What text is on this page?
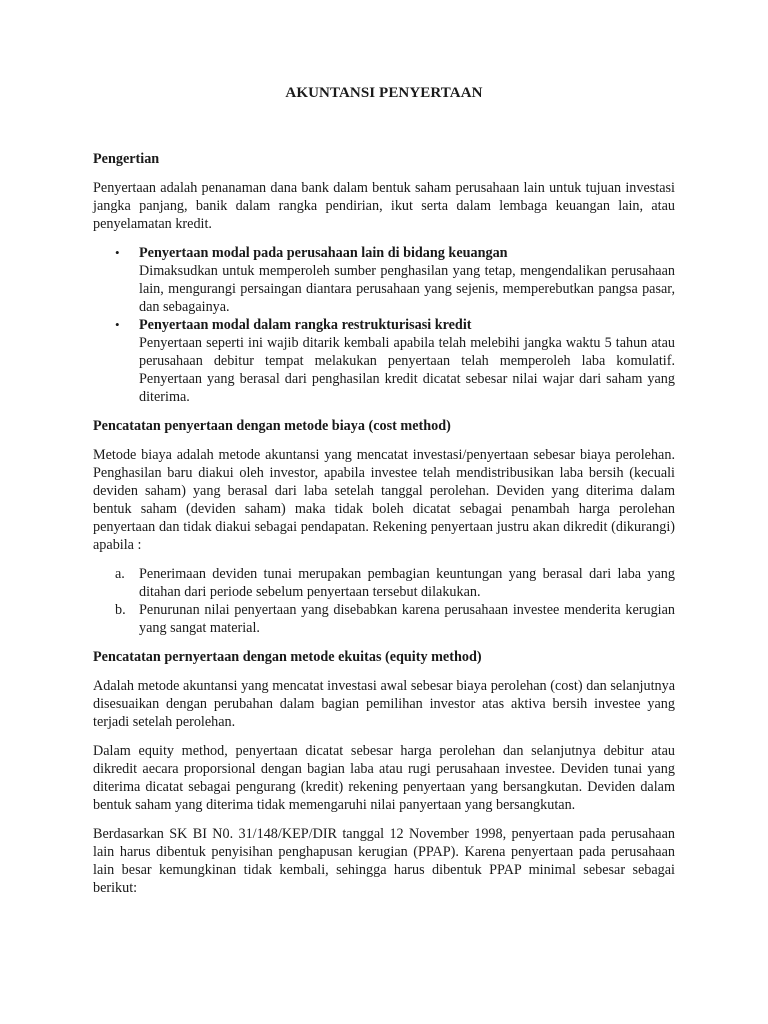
AKUNTANSI PENYERTAAN
Pengertian

Penyertaan adalah penanaman dana bank dalam bentuk saham perusahaan lain untuk tujuan investasi jangka panjang, banik dalam rangka pendirian, ikut serta dalam lembaga keuangan lain, atau penyelamatan kredit.

• Penyertaan modal pada perusahaan lain di bidang keuangan
Dimaksudkan untuk memperoleh sumber penghasilan yang tetap, mengendalikan perusahaan lain, mengurangi persaingan diantara perusahaan yang sejenis, memperebutkan pangsa pasar, dan sebagainya.
• Penyertaan modal dalam rangka restrukturisasi kredit
Penyertaan seperti ini wajib ditarik kembali apabila telah melebihi jangka waktu 5 tahun atau perusahaan debitur tempat melakukan penyertaan telah memperoleh laba komulatif. Penyertaan yang berasal dari penghasilan kredit dicatat sebesar nilai wajar dari saham yang diterima.
Pencatatan penyertaan dengan metode biaya (cost method)

Metode biaya adalah metode akuntansi yang mencatat investasi/penyertaan sebesar biaya perolehan. Penghasilan baru diakui oleh investor, apabila investee telah mendistribusikan laba bersih (kecuali deviden saham) yang berasal dari laba setelah tanggal perolehan. Deviden yang diterima dalam bentuk saham (deviden saham) maka tidak boleh dicatat sebagai penambah harga perolehan penyertaan dan tidak diakui sebagai pendapatan. Rekening penyertaan justru akan dikredit (dikurangi) apabila :

a. Penerimaan deviden tunai merupakan pembagian keuntungan yang berasal dari laba yang ditahan dari periode sebelum penyertaan tersebut dilakukan.
b. Penurunan nilai penyertaan yang disebabkan karena perusahaan investee menderita kerugian yang sangat material.
Pencatatan pernyertaan dengan metode ekuitas (equity method)

Adalah metode akuntansi yang mencatat investasi awal sebesar biaya perolehan (cost) dan selanjutnya disesuaikan dengan perubahan dalam bagian pemilihan investor atas aktiva bersih investee yang terjadi setelah perolehan.

Dalam equity method, penyertaan dicatat sebesar harga perolehan dan selanjutnya debitur atau dikredit aecara proporsional dengan bagian laba atau rugi perusahaan investee. Deviden tunai yang diterima dicatat sebagai pengurang (kredit) rekening penyertaan yang bersangkutan. Deviden dalam bentuk saham yang diterima tidak memengaruhi nilai panyertaan yang bersangkutan.

Berdasarkan SK BI N0. 31/148/KEP/DIR tanggal 12 November 1998, penyertaan pada perusahaan lain harus dibentuk penyisihan penghapusan kerugian (PPAP). Karena penyertaan pada perusahaan lain besar kemungkinan tidak kembali, sehingga harus dibentuk PPAP minimal sebesar sebagai berikut:
